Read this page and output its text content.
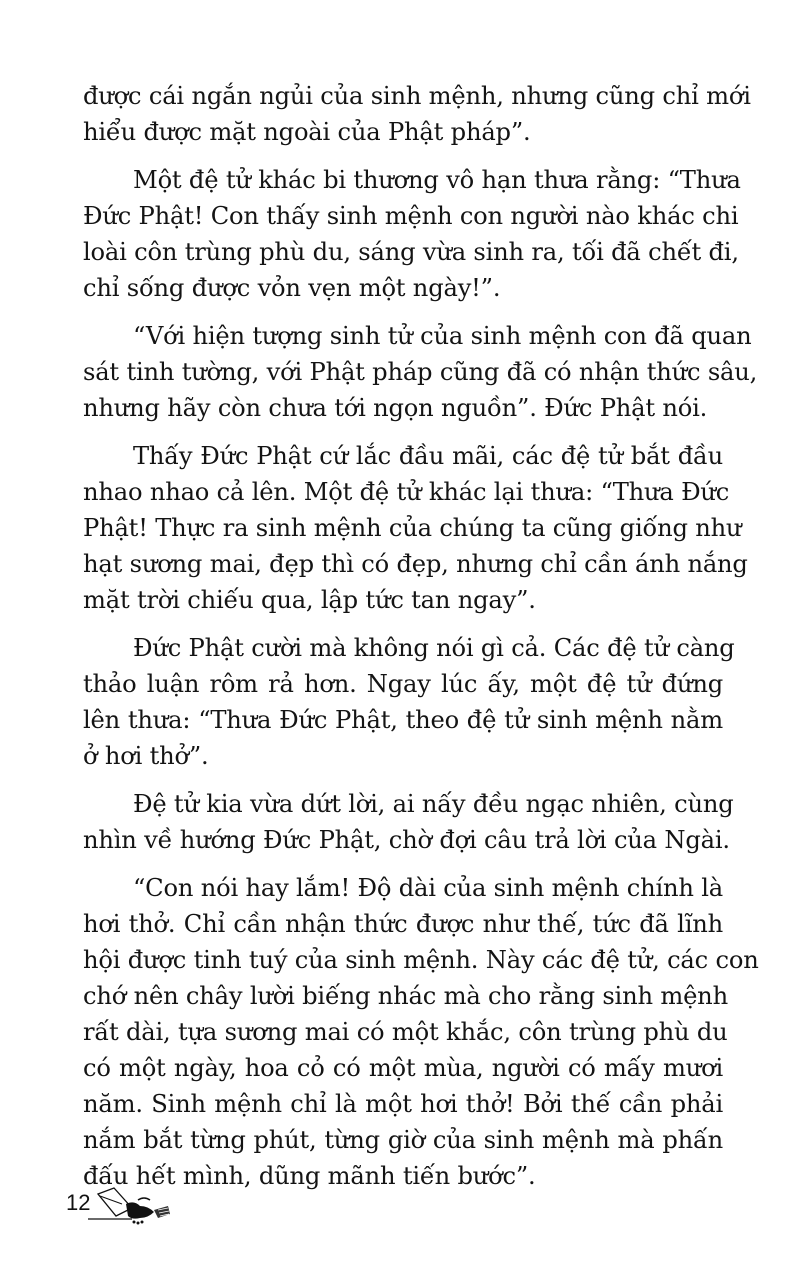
được cái ngắn ngủi của sinh mệnh, nhưng cũng chỉ mới
hiểu được mặt ngoài của Phật pháp”.

Một đệ tử khác bi thương vô hạn thưa rằng: “Thưa
Đức Phật! Con thấy sinh mệnh con người nào khác chi
loài côn trùng phù du, sáng vừa sinh ra, tối đã chết đi,
chỉ sống được vỏn vẹn một ngày!”.

“Với hiện tượng sinh tử của sinh mệnh con đã quan
sát tinh tường, với Phật pháp cũng đã có nhận thức sâu,
nhưng hãy còn chưa tới ngọn nguồn”. Đức Phật nói.

Thấy Đức Phật cứ lắc đầu mãi, các đệ tử bắt đầu
nhao nhao cả lên. Một đệ tử khác lại thưa: “Thưa Đức
Phật! Thực ra sinh mệnh của chúng ta cũng giống như
hạt sương mai, đẹp thì có đẹp, nhưng chỉ cần ánh nắng
mặt trời chiếu qua, lập tức tan ngay”.

Đức Phật cười mà không nói gì cả. Các đệ tử càng
thảo luận rôm rả hơn. Ngay lúc ấy, một đệ tử đứng
lên thưa: “Thưa Đức Phật, theo đệ tử sinh mệnh nằm
ở hơi thở”.

Đệ tử kia vừa dứt lời, ai nấy đều ngạc nhiên, cùng
nhìn về hướng Đức Phật, chờ đợi câu trả lời của Ngài.

“Con nói hay lắm! Độ dài của sinh mệnh chính là
hơi thở. Chỉ cần nhận thức được như thế, tức đã lĩnh
hội được tinh tuý của sinh mệnh. Này các đệ tử, các con
chớ nên chây lười biếng nhác mà cho rằng sinh mệnh
rất dài, tựa sương mai có một khắc, côn trùng phù du
có một ngày, hoa cỏ có một mùa, người có mấy mươi
năm. Sinh mệnh chỉ là một hơi thở! Bởi thế cần phải
nắm bắt từng phút, từng giờ của sinh mệnh mà phấn
đấu hết mình, dũng mãnh tiến bước”.

12
